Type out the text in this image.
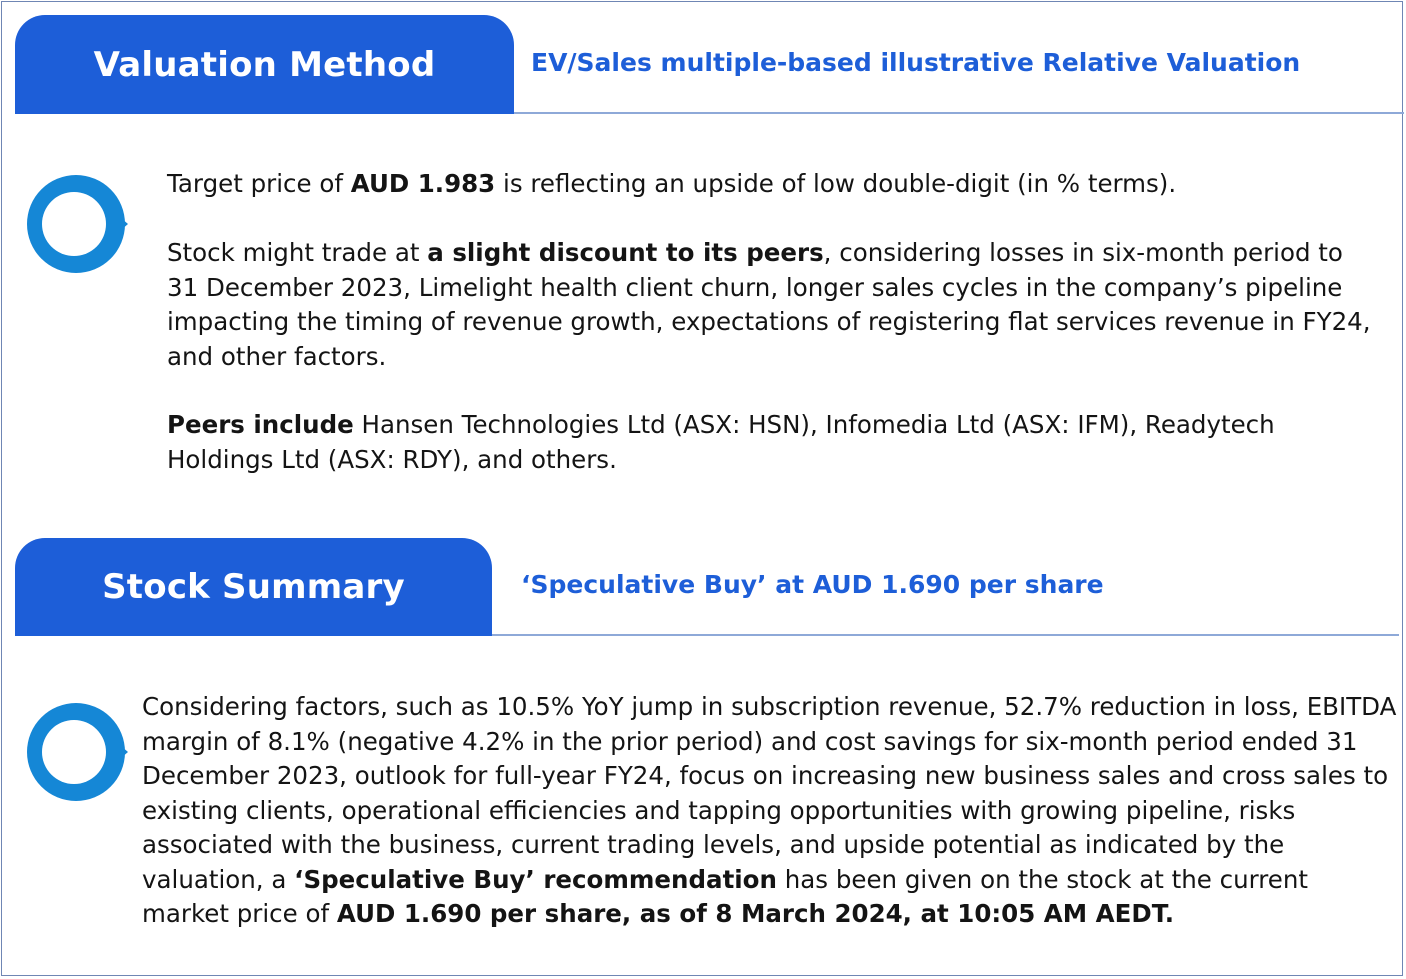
Valuation Method	EV/Sales multiple-based illustrative Relative Valuation

Target price of AUD 1.983 is reflecting an upside of low double-digit (in % terms).

Stock might trade at a slight discount to its peers, considering losses in six-month period to 31 December 2023, Limelight health client churn, longer sales cycles in the company’s pipeline impacting the timing of revenue growth, expectations of registering flat services revenue in FY24, and other factors.

Peers include Hansen Technologies Ltd (ASX: HSN), Infomedia Ltd (ASX: IFM), Readytech Holdings Ltd (ASX: RDY), and others.

Stock Summary	‘Speculative Buy’ at AUD 1.690 per share

Considering factors, such as 10.5% YoY jump in subscription revenue, 52.7% reduction in loss, EBITDA margin of 8.1% (negative 4.2% in the prior period) and cost savings for six-month period ended 31 December 2023, outlook for full-year FY24, focus on increasing new business sales and cross sales to existing clients, operational efficiencies and tapping opportunities with growing pipeline, risks associated with the business, current trading levels, and upside potential as indicated by the valuation, a ‘Speculative Buy’ recommendation has been given on the stock at the current market price of AUD 1.690 per share, as of 8 March 2024, at 10:05 AM AEDT.
